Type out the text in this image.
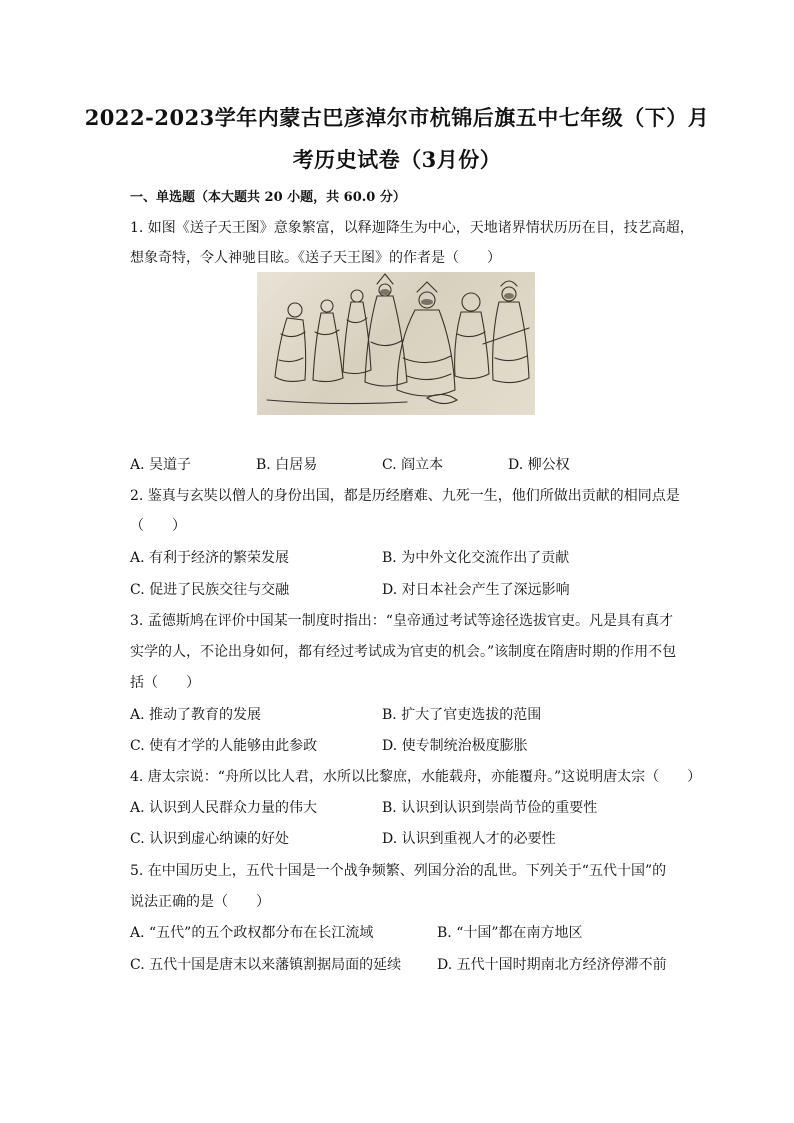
2022-2023学年内蒙古巴彦淖尔市杭锦后旗五中七年级（下）月
考历史试卷（3月份）
一、单选题（本大题共 20 小题，共 60.0 分）
1. 如图《送子天王图》意象繁富，以释迦降生为中心，天地诸界情状历历在目，技艺高超，
想象奇特，令人神驰目眩。《送子天王图》的作者是（　　）
A. 吴道子	B. 白居易	C. 阎立本	D. 柳公权
2. 鉴真与玄奘以僧人的身份出国，都是历经磨难、九死一生，他们所做出贡献的相同点是
（　　）
A. 有利于经济的繁荣发展	B. 为中外文化交流作出了贡献
C. 促进了民族交往与交融	D. 对日本社会产生了深远影响
3. 孟德斯鸠在评价中国某一制度时指出：“皇帝通过考试等途径选拔官吏。凡是具有真才
实学的人，不论出身如何，都有经过考试成为官吏的机会。”该制度在隋唐时期的作用不包
括（　　）
A. 推动了教育的发展	B. 扩大了官吏选拔的范围
C. 使有才学的人能够由此参政	D. 使专制统治极度膨胀
4. 唐太宗说：“舟所以比人君，水所以比黎庶，水能载舟，亦能覆舟。”这说明唐太宗（　　）
A. 认识到人民群众力量的伟大	B. 认识到认识到崇尚节俭的重要性
C. 认识到虚心纳谏的好处	D. 认识到重视人才的必要性
5. 在中国历史上，五代十国是一个战争频繁、列国分治的乱世。下列关于“五代十国”的
说法正确的是（　　）
A. “五代”的五个政权都分布在长江流域	B. “十国”都在南方地区
C. 五代十国是唐末以来藩镇割据局面的延续	D. 五代十国时期南北方经济停滞不前
